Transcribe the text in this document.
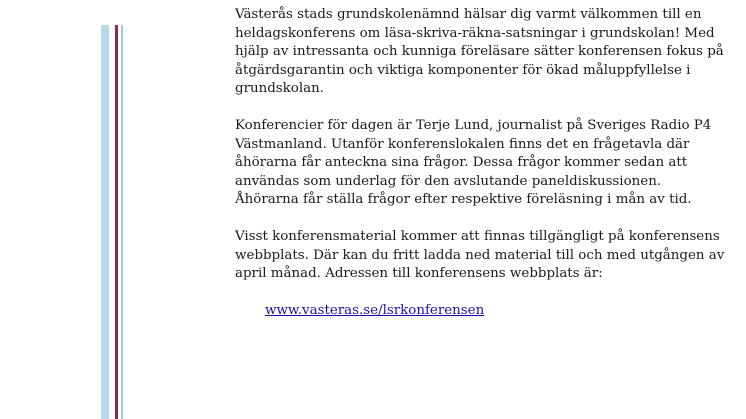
Västerås stads grundskolenämnd hälsar dig varmt välkommen till en heldagskonferens om läsa-skriva-räkna-satsningar i grundskolan! Med hjälp av intressanta och kunniga föreläsare sätter konferensen fokus på åtgärdsgarantin och viktiga komponenter för ökad måluppfyllelse i grundskolan.

Konferencier för dagen är Terje Lund, journalist på Sveriges Radio P4 Västmanland. Utanför konferenslokalen finns det en frågetavla där åhörarna får anteckna sina frågor. Dessa frågor kommer sedan att användas som underlag för den avslutande paneldiskussionen. Åhörarna får ställa frågor efter respektive föreläsning i mån av tid.

Visst konferensmaterial kommer att finnas tillgängligt på konferensens webbplats. Där kan du fritt ladda ned material till och med utgången av april månad. Adressen till konferensens webbplats är:

www.vasteras.se/lsrkonferensen
